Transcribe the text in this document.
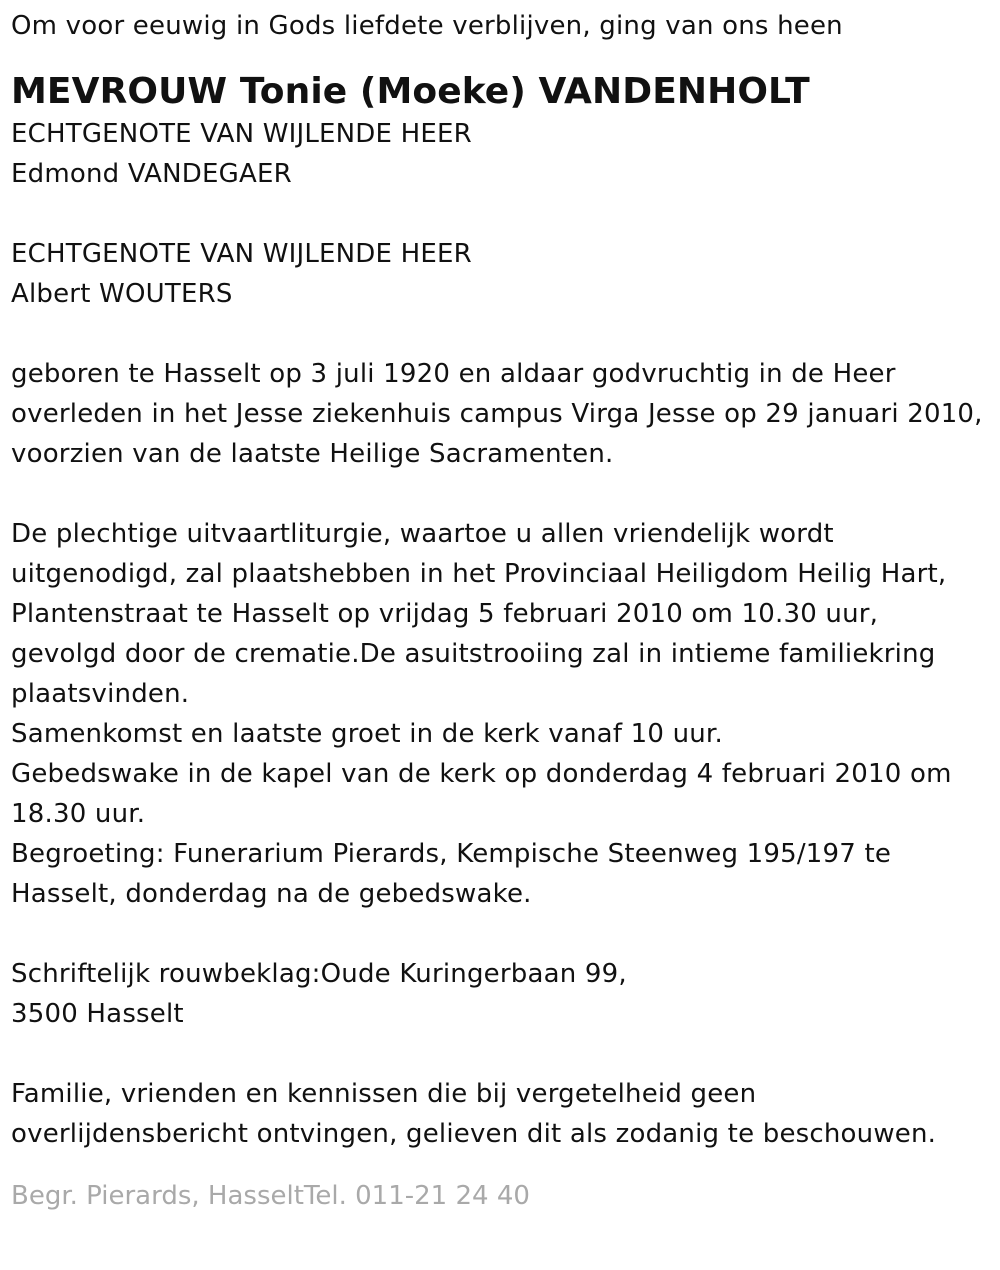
Om voor eeuwig in Gods liefdete verblijven, ging van ons heen
MEVROUW Tonie (Moeke) VANDENHOLT
ECHTGENOTE VAN WIJLENDE HEER
Edmond VANDEGAER
ECHTGENOTE VAN WIJLENDE HEER
Albert WOUTERS
geboren te Hasselt op 3 juli 1920 en aldaar godvruchtig in de Heer
overleden in het Jesse ziekenhuis campus Virga Jesse op 29 januari 2010,
voorzien van de laatste Heilige Sacramenten.
De plechtige uitvaartliturgie, waartoe u allen vriendelijk wordt
uitgenodigd, zal plaatshebben in het Provinciaal Heiligdom Heilig Hart,
Plantenstraat te Hasselt op vrijdag 5 februari 2010 om 10.30 uur,
gevolgd door de crematie.De asuitstrooiing zal in intieme familiekring
plaatsvinden.
Samenkomst en laatste groet in de kerk vanaf 10 uur.
Gebedswake in de kapel van de kerk op donderdag 4 februari 2010 om
18.30 uur.
Begroeting: Funerarium Pierards, Kempische Steenweg 195/197 te
Hasselt, donderdag na de gebedswake.
Schriftelijk rouwbeklag:Oude Kuringerbaan 99,
3500 Hasselt
Familie, vrienden en kennissen die bij vergetelheid geen
overlijdensbericht ontvingen, gelieven dit als zodanig te beschouwen.
Begr. Pierards, HasseltTel. 011-21 24 40
